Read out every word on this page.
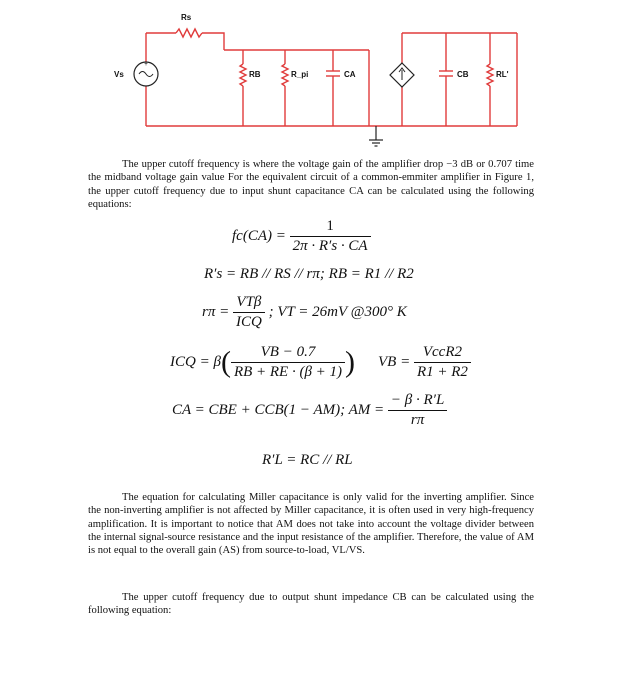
+
Rs
Vs	RB	R_pi	CA	CB	RL'
The upper cutoff frequency is where the voltage gain of the amplifier drop −3 dB or 0.707 time the midband voltage gain value For the equivalent circuit of a common-emmiter amplifier in Figure 1, the upper cutoff frequency due to input shunt capacitance CA can be calculated using the following equations:
$fc(CA) = \frac{1}{2\pi \cdot R's \cdot CA}$
R′s = RB // RS // rπ; RB = R1 // R2
$r\pi = \frac{\text{VTβ}}{\text{ICQ}}$ ; VT = 26mV @300° K
ICQ = $\beta( \frac{VB - 0.7}{RB + RE \cdot (\beta + 1)}$ ) VB = $\frac{\text{VccR2}}{R1 + R2}$
CA = CBE + CCB(1 − AM); AM = $\frac{- \beta \cdot R'L}{r\pi}$
R′L = RC // RL
The equation for calculating Miller capacitance is only valid for the inverting amplifier. Since the non-inverting amplifier is not affected by Miller capacitance, it is often used in very high-frequency amplification. It is important to notice that AM does not take into account the voltage divider between the internal signal-source resistance and the input resistance of the amplifier. Therefore, the value of AM is not equal to the overall gain (AS) from source-to-load, VL/VS.
The upper cutoff frequency due to output shunt impedance CB can be calculated using the following equation:
